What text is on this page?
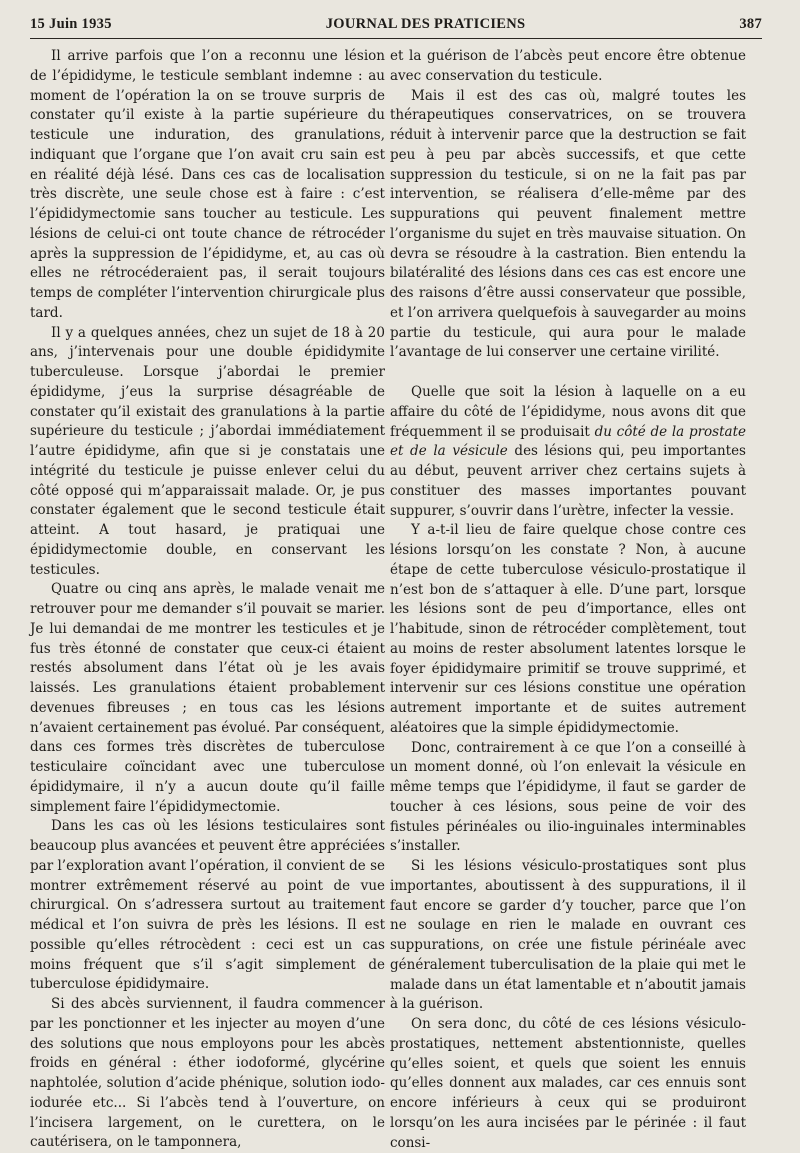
15 Juin 1935	JOURNAL DES PRATICIENS	387

Il arrive parfois que l’on a reconnu une lésion de l’épididyme, le testicule semblant indemne : au moment de l’opération la on se trouve surpris de constater qu’il existe à la partie supérieure du testicule une induration, des granulations, indiquant que l’organe que l’on avait cru sain est en réalité déjà lésé. Dans ces cas de localisation très discrète, une seule chose est à faire : c’est l’épididymectomie sans toucher au testicule. Les lésions de celui-ci ont toute chance de rétrocéder après la suppression de l’épididyme, et, au cas où elles ne rétrocéderaient pas, il serait toujours temps de compléter l’intervention chirurgicale plus tard.

Il y a quelques années, chez un sujet de 18 à 20 ans, j’intervenais pour une double épididymite tuberculeuse. Lorsque j’abordai le premier épididyme, j’eus la surprise désagréable de constater qu’il existait des granulations à la partie supérieure du testicule ; j’abordai immédiatement l’autre épididyme, afin que si je constatais une intégrité du testicule je puisse enlever celui du côté opposé qui m’apparaissait malade. Or, je pus constater également que le second testicule était atteint. A tout hasard, je pratiquai une épididymectomie double, en conservant les testicules.

Quatre ou cinq ans après, le malade venait me retrouver pour me demander s’il pouvait se marier. Je lui demandai de me montrer les testicules et je fus très étonné de constater que ceux-ci étaient restés absolument dans l’état où je les avais laissés. Les granulations étaient probablement devenues fibreuses ; en tous cas les lésions n’avaient certainement pas évolué. Par conséquent, dans ces formes très discrètes de tuberculose testiculaire coïncidant avec une tuberculose épididymaire, il n’y a aucun doute qu’il faille simplement faire l’épididymectomie.

Dans les cas où les lésions testiculaires sont beaucoup plus avancées et peuvent être appréciées par l’exploration avant l’opération, il convient de se montrer extrêmement réservé au point de vue chirurgical. On s’adressera surtout au traitement médical et l’on suivra de près les lésions. Il est possible qu’elles rétrocèdent : ceci est un cas moins fréquent que s’il s’agit simplement de tuberculose épididymaire.

Si des abcès surviennent, il faudra commencer par les ponctionner et les injecter au moyen d’une des solutions que nous employons pour les abcès froids en général : éther iodoformé, glycérine naphtolée, solution d’acide phénique, solution iodo-iodurée etc... Si l’abcès tend à l’ouverture, on l’incisera largement, on le curettera, on le cautérisera, on le tamponnera,

et la guérison de l’abcès peut encore être obtenue avec conservation du testicule.

Mais il est des cas où, malgré toutes les thérapeutiques conservatrices, on se trouvera réduit à intervenir parce que la destruction se fait peu à peu par abcès successifs, et que cette suppression du testicule, si on ne la fait pas par intervention, se réalisera d’elle-même par des suppurations qui peuvent finalement mettre l’organisme du sujet en très mauvaise situation. On devra se résoudre à la castration. Bien entendu la bilatéralité des lésions dans ces cas est encore une des raisons d’être aussi conservateur que possible, et l’on arrivera quelquefois à sauvegarder au moins partie du testicule, qui aura pour le malade l’avantage de lui conserver une certaine virilité.

Quelle que soit la lésion à laquelle on a eu affaire du côté de l’épididyme, nous avons dit que fréquemment il se produisait du côté de la prostate et de la vésicule des lésions qui, peu importantes au début, peuvent arriver chez certains sujets à constituer des masses importantes pouvant suppurer, s’ouvrir dans l’urètre, infecter la vessie.

Y a-t-il lieu de faire quelque chose contre ces lésions lorsqu’on les constate ? Non, à aucune étape de cette tuberculose vésiculo-prostatique il n’est bon de s’attaquer à elle. D’une part, lorsque les lésions sont de peu d’importance, elles ont l’habitude, sinon de rétrocéder complètement, tout au moins de rester absolument latentes lorsque le foyer épididymaire primitif se trouve supprimé, et intervenir sur ces lésions constitue une opération autrement importante et de suites autrement aléatoires que la simple épididymectomie.

Donc, contrairement à ce que l’on a conseillé à un moment donné, où l’on enlevait la vésicule en même temps que l’épididyme, il faut se garder de toucher à ces lésions, sous peine de voir des fistules périnéales ou ilio-inguinales interminables s’installer.

Si les lésions vésiculo-prostatiques sont plus importantes, aboutissent à des suppurations, il il faut encore se garder d’y toucher, parce que l’on ne soulage en rien le malade en ouvrant ces suppurations, on crée une fistule périnéale avec généralement tuberculisation de la plaie qui met le malade dans un état lamentable et n’aboutit jamais à la guérison.

On sera donc, du côté de ces lésions vésiculo-prostatiques, nettement abstentionniste, quelles qu’elles soient, et quels que soient les ennuis qu’elles donnent aux malades, car ces ennuis sont encore inférieurs à ceux qui se produiront lorsqu’on les aura incisées par le périnée : il faut consi-
